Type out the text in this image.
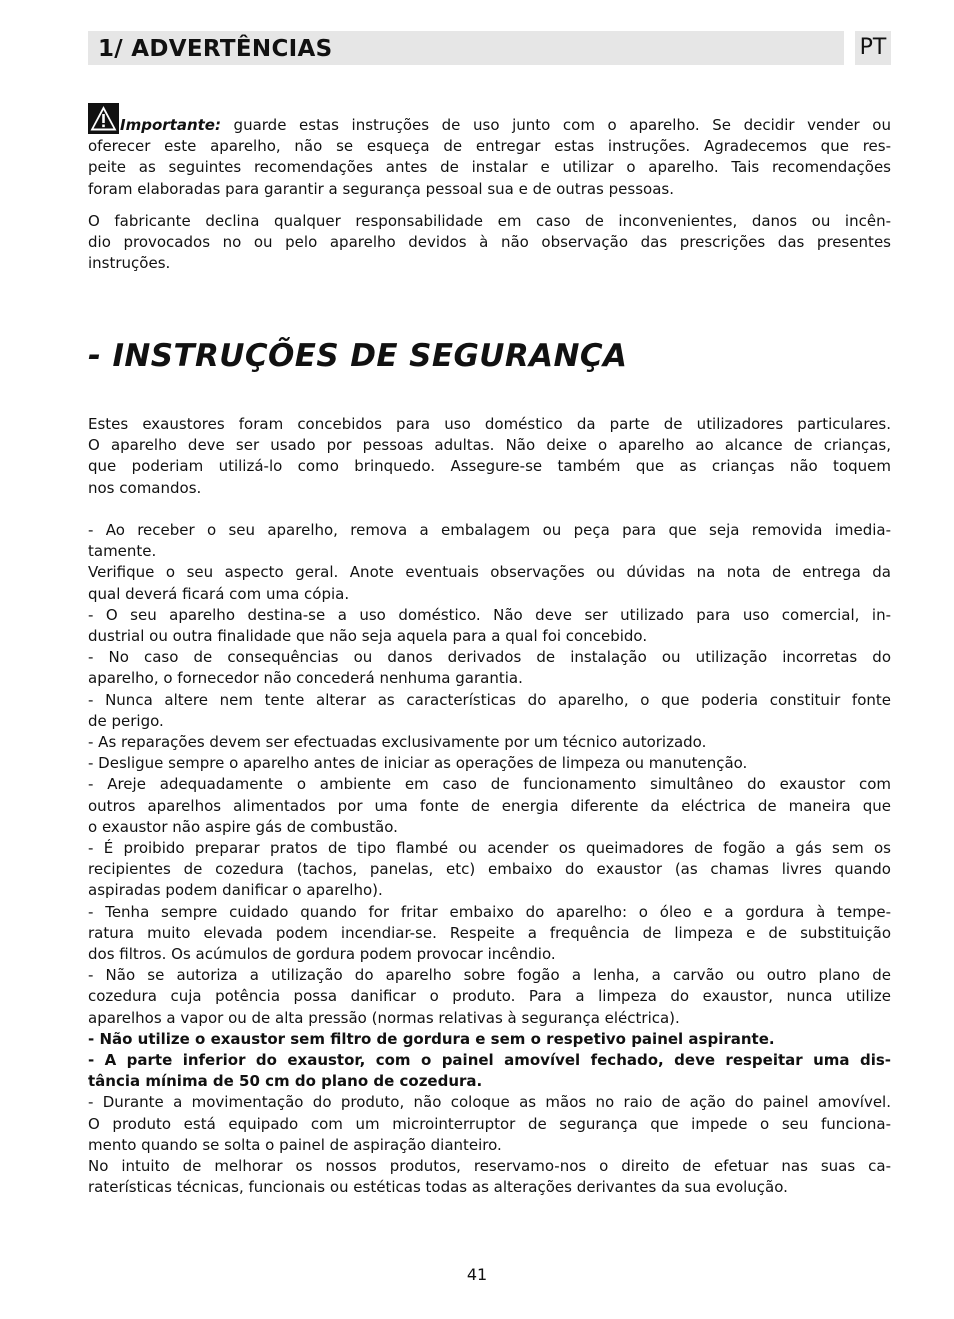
1/ ADVERTÊNCIAS	PT

Importante: guarde estas instruções de uso junto com o aparelho. Se decidir vender ou

oferecer este aparelho, não se esqueça de entregar estas instruções. Agradecemos que res-

peite as seguintes recomendações antes de instalar e utilizar o aparelho. Tais recomendações

foram elaboradas para garantir a segurança pessoal sua e de outras pessoas.

O fabricante declina qualquer responsabilidade em caso de inconvenientes, danos ou incên-

dio provocados no ou pelo aparelho devidos à não observação das prescrições das presentes

instruções.

- INSTRUÇÕES DE SEGURANÇA

Estes exaustores foram concebidos para uso doméstico da parte de utilizadores particulares.

O aparelho deve ser usado por pessoas adultas. Não deixe o aparelho ao alcance de crianças,

que poderiam utilizá-lo como brinquedo. Assegure-se também que as crianças não toquem

nos comandos.

- Ao receber o seu aparelho, remova a embalagem ou peça para que seja removida imedia-

tamente.

Verifique o seu aspecto geral. Anote eventuais observações ou dúvidas na nota de entrega da

qual deverá ficará com uma cópia.

- O seu aparelho destina-se a uso doméstico. Não deve ser utilizado para uso comercial, in-

dustrial ou outra finalidade que não seja aquela para a qual foi concebido.

- No caso de consequências ou danos derivados de instalação ou utilização incorretas do

aparelho, o fornecedor não concederá nenhuma garantia.

- Nunca altere nem tente alterar as características do aparelho, o que poderia constituir fonte

de perigo.

- As reparações devem ser efectuadas exclusivamente por um técnico autorizado.

- Desligue sempre o aparelho antes de iniciar as operações de limpeza ou manutenção.

- Areje adequadamente o ambiente em caso de funcionamento simultâneo do exaustor com

outros aparelhos alimentados por uma fonte de energia diferente da eléctrica de maneira que

o exaustor não aspire gás de combustão.

- É proibido preparar pratos de tipo flambé ou acender os queimadores de fogão a gás sem os

recipientes de cozedura (tachos, panelas, etc) embaixo do exaustor (as chamas livres quando

aspiradas podem danificar o aparelho).

- Tenha sempre cuidado quando for fritar embaixo do aparelho: o óleo e a gordura à tempe-

ratura muito elevada podem incendiar-se. Respeite a frequência de limpeza e de substituição

dos filtros. Os acúmulos de gordura podem provocar incêndio.

- Não se autoriza a utilização do aparelho sobre fogão a lenha, a carvão ou outro plano de

cozedura cuja potência possa danificar o produto. Para a limpeza do exaustor, nunca utilize

aparelhos a vapor ou de alta pressão (normas relativas à segurança eléctrica).

- Não utilize o exaustor sem filtro de gordura e sem o respetivo painel aspirante.

- A parte inferior do exaustor, com o painel amovível fechado, deve respeitar uma dis-

tância mínima de 50 cm do plano de cozedura.

- Durante a movimentação do produto, não coloque as mãos no raio de ação do painel amovível.

O produto está equipado com um microinterruptor de segurança que impede o seu funciona-

mento quando se solta o painel de aspiração dianteiro.

No intuito de melhorar os nossos produtos, reservamo-nos o direito de efetuar nas suas ca-

raterísticas técnicas, funcionais ou estéticas todas as alterações derivantes da sua evolução.

41
